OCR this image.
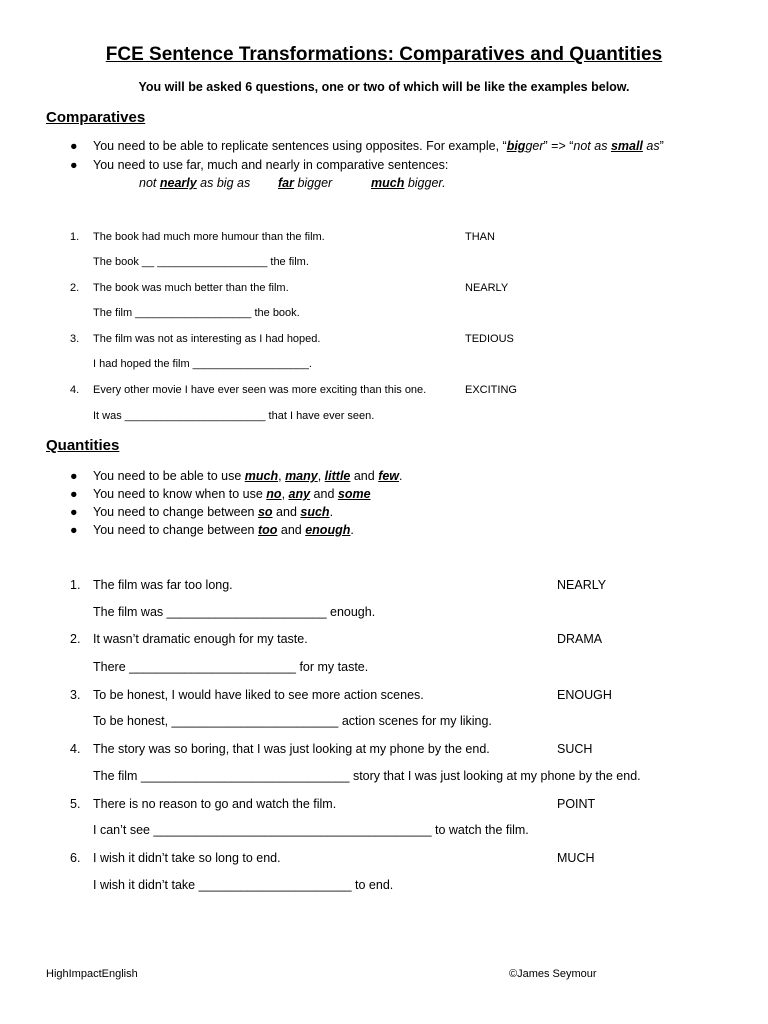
FCE Sentence Transformations: Comparatives and Quantities
You will be asked 6 questions, one or two of which will be like the examples below.
Comparatives
● You need to be able to replicate sentences using opposites. For example, “bigger” => “not as small as”
● You need to use far, much and nearly in comparative sentences:
not nearly as big as far bigger	much bigger.
1. The book had much more humour than the film.	THAN
The book __ __________________ the film.
2. The book was much better than the film.	NEARLY
The film ___________________ the book.
3. The film was not as interesting as I had hoped.	TEDIOUS
I had hoped the film ___________________.
4. Every other movie I have ever seen was more exciting than this one.	EXCITING
It was _______________________ that I have ever seen.
Quantities
● You need to be able to use much, many, little and few.
● You need to know when to use no, any and some
● You need to change between so and such.
● You need to change between too and enough.
1. The film was far too long.	NEARLY
The film was _______________________ enough.
2. It wasn’t dramatic enough for my taste.	DRAMA
There ________________________ for my taste.
3. To be honest, I would have liked to see more action scenes.	ENOUGH
To be honest, ________________________ action scenes for my liking.
4. The story was so boring, that I was just looking at my phone by the end.	SUCH
The film ______________________________ story that I was just looking at my phone by the end.
5. There is no reason to go and watch the film.	POINT
I can’t see ________________________________________ to watch the film.
6. I wish it didn’t take so long to end.	MUCH
I wish it didn’t take ______________________ to end.
HighImpactEnglish	©James Seymour
